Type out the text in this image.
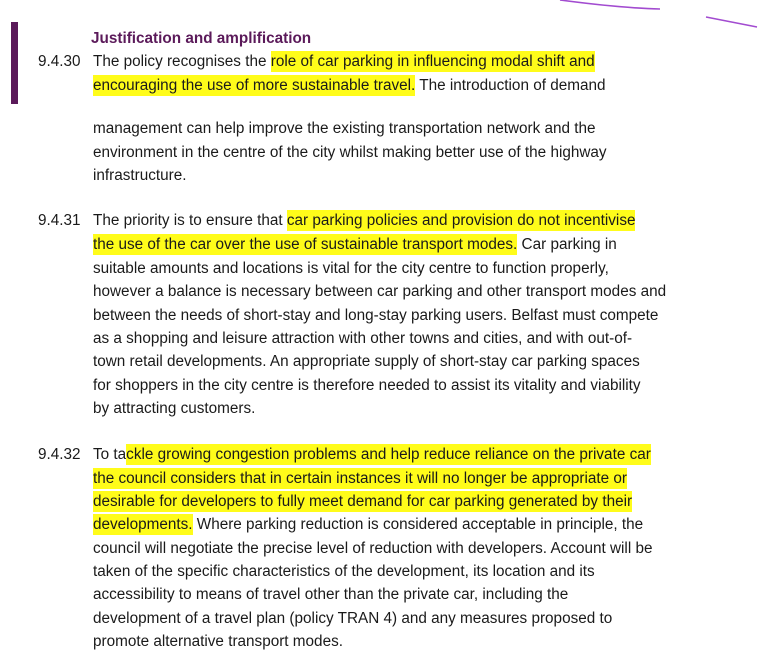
Justification and amplification
9.4.30 The policy recognises the role of car parking in influencing modal shift and
encouraging the use of more sustainable travel. The introduction of demand
management can help improve the existing transportation network and the
environment in the centre of the city whilst making better use of the highway
infrastructure.
9.4.31 The priority is to ensure that car parking policies and provision do not incentivise
the use of the car over the use of sustainable transport modes. Car parking in
suitable amounts and locations is vital for the city centre to function properly,
however a balance is necessary between car parking and other transport modes and
between the needs of short-stay and long-stay parking users. Belfast must compete
as a shopping and leisure attraction with other towns and cities, and with out-of-
town retail developments. An appropriate supply of short-stay car parking spaces
for shoppers in the city centre is therefore needed to assist its vitality and viability
by attracting customers.
9.4.32 To tackle growing congestion problems and help reduce reliance on the private car
the council considers that in certain instances it will no longer be appropriate or
desirable for developers to fully meet demand for car parking generated by their
developments. Where parking reduction is considered acceptable in principle, the
council will negotiate the precise level of reduction with developers. Account will be
taken of the specific characteristics of the development, its location and its
accessibility to means of travel other than the private car, including the
development of a travel plan (policy TRAN 4) and any measures proposed to
promote alternative transport modes.
